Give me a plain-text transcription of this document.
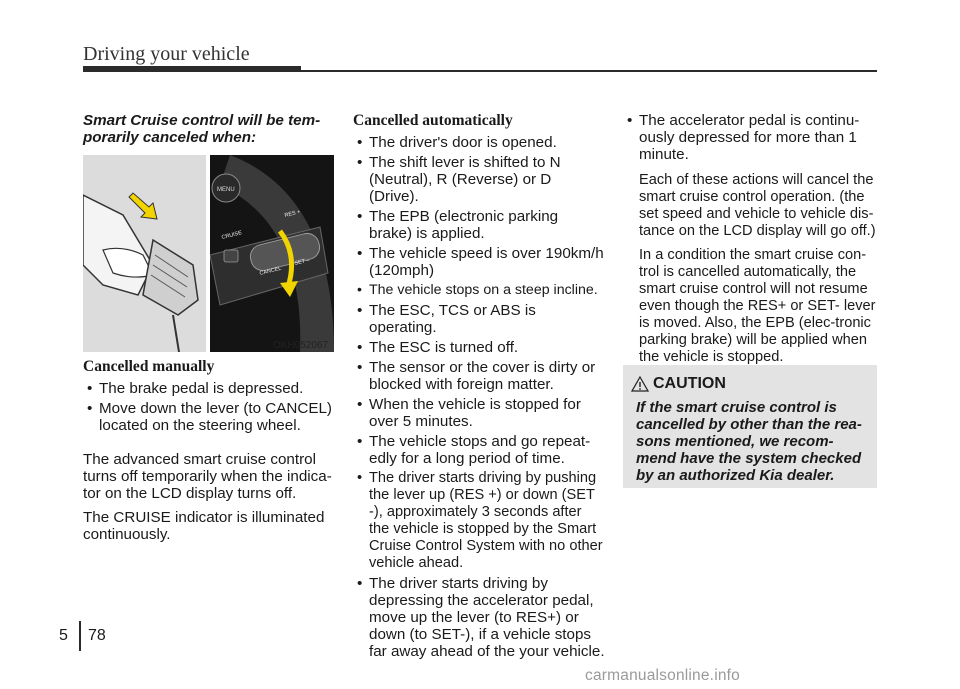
Driving your vehicle

Smart Cruise control will be tem-porarily canceled when:

MENU
CRUISE
RES +
CANCEL
SET –
OKH052067
Cancelled manually
• The brake pedal is depressed.
• Move down the lever (to CANCEL) located on the steering wheel.

The advanced smart cruise control turns off temporarily when the indica-tor on the LCD display turns off.

The CRUISE indicator is illuminated continuously.

Cancelled automatically
• The driver's door is opened.
• The shift lever is shifted to N (Neutral), R (Reverse) or D (Drive).
• The EPB (electronic parking brake) is applied.
• The vehicle speed is over 190km/h (120mph)
• The vehicle stops on a steep incline.
• The ESC, TCS or ABS is operating.
• The ESC is turned off.
• The sensor or the cover is dirty or blocked with foreign matter.
• When the vehicle is stopped for over 5 minutes.
• The vehicle stops and go repeat-edly for a long period of time.
• The driver starts driving by pushing the lever up (RES +) or down (SET -), approximately 3 seconds after the vehicle is stopped by the Smart Cruise Control System with no other vehicle ahead.
• The driver starts driving by depressing the accelerator pedal, move up the lever (to RES+) or down (to SET-), if a vehicle stops far away ahead of the your vehicle.
• The accelerator pedal is continu-ously depressed for more than 1 minute.

Each of these actions will cancel the smart cruise control operation. (the set speed and vehicle to vehicle dis-tance on the LCD display will go off.)

In a condition the smart cruise con-trol is cancelled automatically, the smart cruise control will not resume even though the RES+ or SET- lever is moved. Also, the EPB (elec-tronic parking brake) will be applied when the vehicle is stopped.

CAUTION
If the smart cruise control is cancelled by other than the rea-sons mentioned, we recom-mend have the system checked by an authorized Kia dealer.
5 78
carmanualsonline.info
